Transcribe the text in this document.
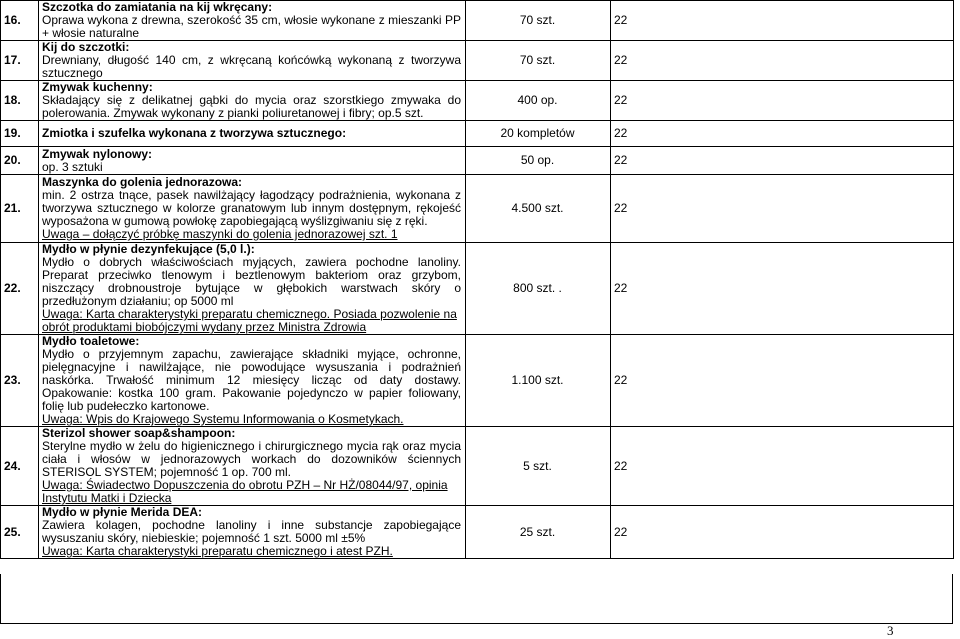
16.	Szczotka do zamiatania na kij wkręcany:
Oprawa wykona z drewna, szerokość 35 cm, włosie wykonane z mieszanki PP + włosie naturalne	70 szt.	22
17.	Kij do szczotki:
Drewniany, długość 140 cm, z wkręcaną końcówką wykonaną z tworzywa sztucznego	70 szt.	22
18.	Zmywak kuchenny:
Składający się z delikatnej gąbki do mycia oraz szorstkiego zmywaka do polerowania. Zmywak wykonany z pianki poliuretanowej i fibry; op.5 szt.	400 op.	22
19.	Zmiotka i szufelka wykonana z tworzywa sztucznego:	20 kompletów	22
20.	Zmywak nylonowy:
op. 3 sztuki	50 op.	22
21.	Maszynka do golenia jednorazowa:
min. 2 ostrza tnące, pasek nawilżający łagodzący podrażnienia, wykonana z tworzywa sztucznego w kolorze granatowym lub innym dostępnym, rękojeść wyposażona w gumową powłokę zapobiegającą wyślizgiwaniu się z ręki.
Uwaga – dołączyć próbkę maszynki do golenia jednorazowej szt. 1	4.500 szt.	22
22.	Mydło w płynie dezynfekujące (5,0 l.):
Mydło o dobrych właściwościach myjących, zawiera pochodne lanoliny. Preparat przeciwko tlenowym i beztlenowym bakteriom oraz grzybom, niszczący drobnoustroje bytujące w głębokich warstwach skóry o przedłużonym działaniu; op 5000 ml
Uwaga: Karta charakterystyki preparatu chemicznego. Posiada pozwolenie na obrót produktami biobójczymi wydany przez Ministra Zdrowia	800 szt. .	22
23.	Mydło toaletowe:
Mydło o przyjemnym zapachu, zawierające składniki myjące, ochronne, pielęgnacyjne i nawilżające, nie powodujące wysuszania i podrażnień naskórka. Trwałość minimum 12 miesięcy licząc od daty dostawy. Opakowanie: kostka 100 gram. Pakowanie pojedynczo w papier foliowany, folię lub pudełeczko kartonowe.
Uwaga: Wpis do Krajowego Systemu Informowania o Kosmetykach.	1.100 szt.	22
24.	Sterizol shower soap&shampoon:
Sterylne mydło w żelu do higienicznego i chirurgicznego mycia rąk oraz mycia ciała i włosów w jednorazowych workach do dozowników ściennych STERISOL SYSTEM; pojemność 1 op. 700 ml.
Uwaga: Świadectwo Dopuszczenia do obrotu PZH – Nr HŻ/08044/97, opinia Instytutu Matki i Dziecka	5 szt.	22
25.	Mydło w płynie Merida DEA:
Zawiera kolagen, pochodne lanoliny i inne substancje zapobiegające wysuszaniu skóry, niebieskie; pojemność 1 szt. 5000 ml ±5%
Uwaga: Karta charakterystyki preparatu chemicznego i atest PZH.	25 szt.	22
3
